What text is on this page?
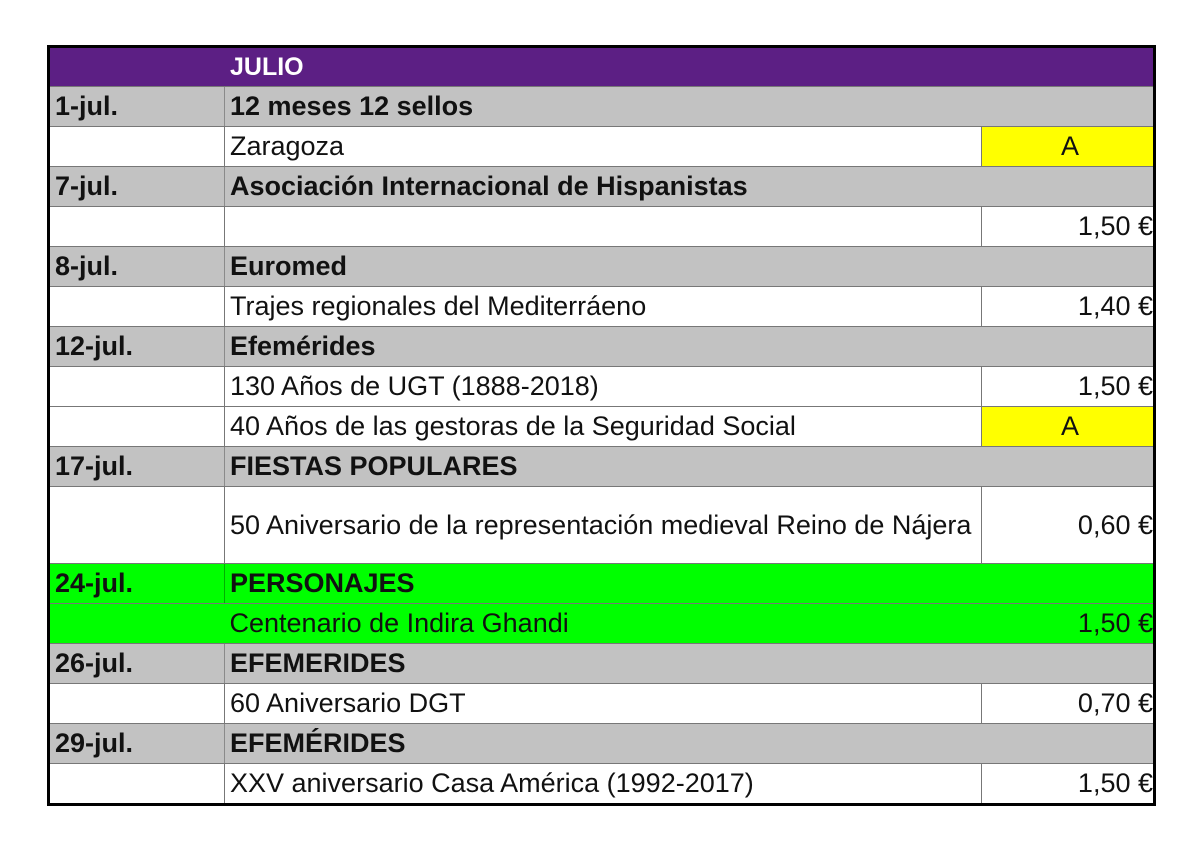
	JULIO	
1-jul.	12 meses 12 sellos	
	Zaragoza	A
7-jul.	Asociación Internacional de Hispanistas	
		1,50 €
8-jul.	Euromed	
	Trajes regionales del Mediterráeno	1,40 €
12-jul.	Efemérides	
	130 Años de UGT (1888-2018)	1,50 €
	40 Años de las gestoras de la Seguridad Social	A
17-jul.	FIESTAS POPULARES	
	50 Aniversario de la representación medieval Reino de Nájera	0,60 €
24-jul.	PERSONAJES	
	Centenario de Indira Ghandi	1,50 €
26-jul.	EFEMERIDES	
	60 Aniversario DGT	0,70 €
29-jul.	EFEMÉRIDES	
	XXV aniversario Casa América (1992-2017)	1,50 €
